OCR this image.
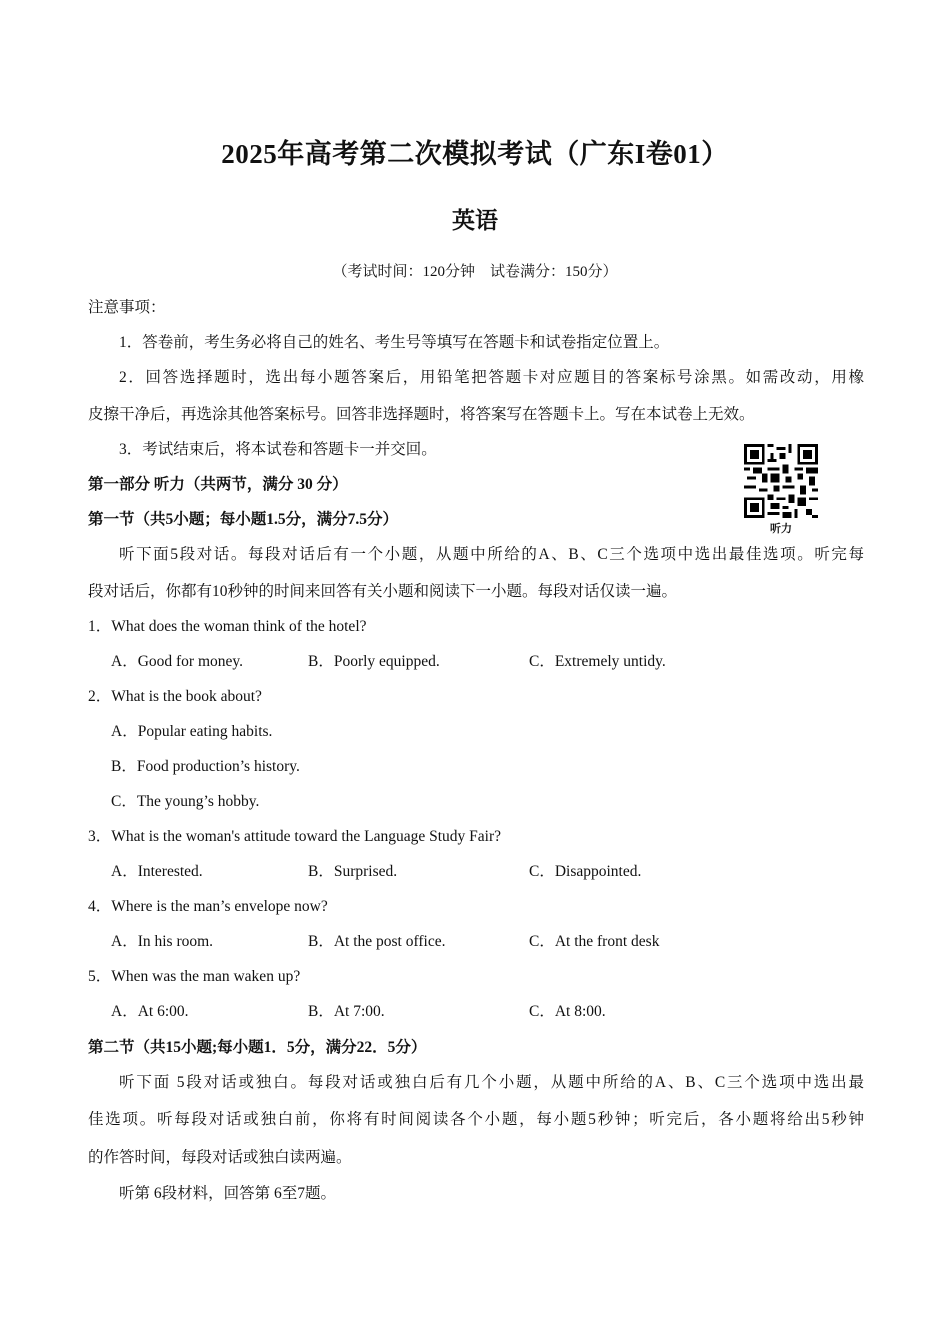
2025年高考第二次模拟考试（广东I卷01）
英语
（考试时间：120分钟　试卷满分：150分）
注意事项：
1．答卷前，考生务必将自己的姓名、考生号等填写在答题卡和试卷指定位置上。
2．回答选择题时，选出每小题答案后，用铅笔把答题卡对应题目的答案标号涂黑。如需改动，用橡
皮擦干净后，再选涂其他答案标号。回答非选择题时，将答案写在答题卡上。写在本试卷上无效。
3．考试结束后，将本试卷和答题卡一并交回。
第一部分 听力（共两节，满分 30 分）
听力
第一节（共5小题；每小题1.5分，满分7.5分）
听下面5段对话。每段对话后有一个小题，从题中所给的A、B、C三个选项中选出最佳选项。听完每
段对话后，你都有10秒钟的时间来回答有关小题和阅读下一小题。每段对话仅读一遍。
1．What does the woman think of the hotel?
A．Good for money.	B．Poorly equipped.	C．Extremely untidy.
2．What is the book about?
A．Popular eating habits.
B．Food production’s history.
C．The young’s hobby.
3．What is the woman's attitude toward the Language Study Fair?
A．Interested.	B．Surprised.	C．Disappointed.
4．Where is the man’s envelope now?
A．In his room.	B．At the post office.	C．At the front desk
5．When was the man waken up?
A．At 6:00.	B．At 7:00.	C．At 8:00.
第二节（共15小题;每小题1．5分，满分22．5分）
听下面 5段对话或独白。每段对话或独白后有几个小题，从题中所给的A、B、C三个选项中选出最
佳选项。听每段对话或独白前，你将有时间阅读各个小题，每小题5秒钟；听完后，各小题将给出5秒钟
的作答时间，每段对话或独白读两遍。
听第 6段材料，回答第 6至7题。
